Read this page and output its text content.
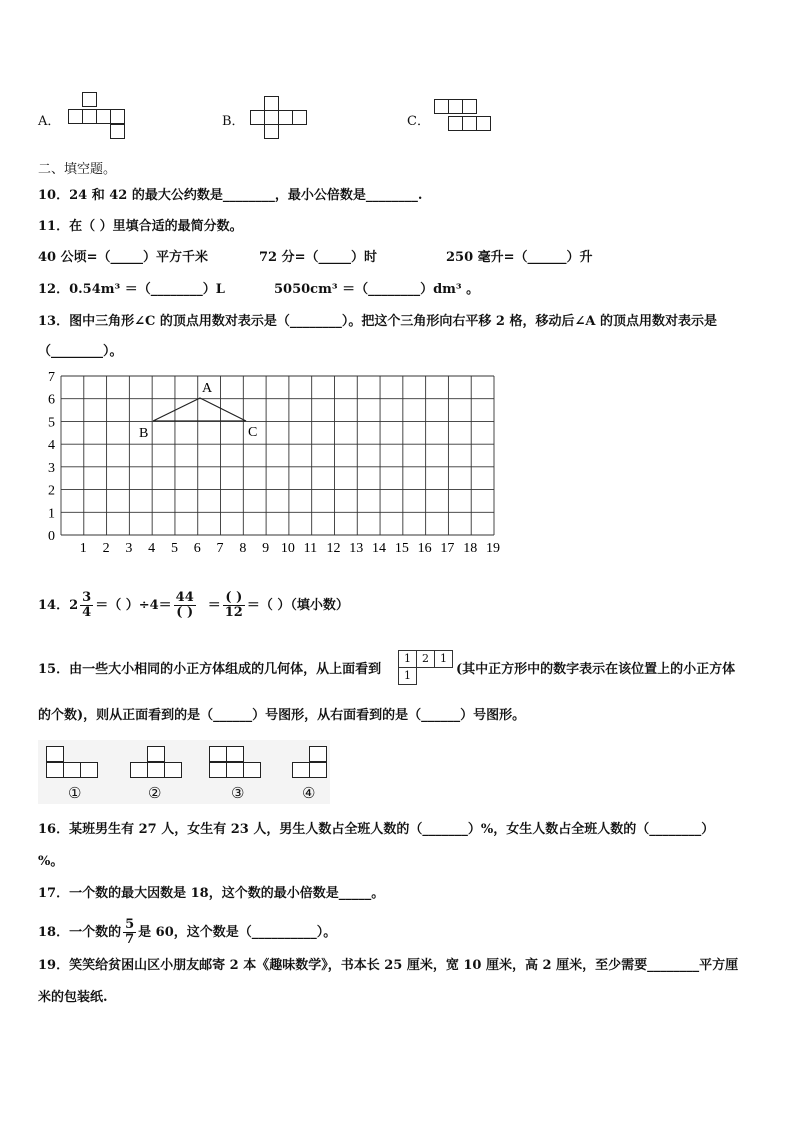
A．	B．	C．
二、填空题。
10．24 和 42 的最大公约数是________，最小公倍数是________.
11．在（ ）里填合适的最简分数。
40 公顷=（_____）平方千米	72 分=（_____）时	250 毫升=（______）升
12．0.54m³ ＝（________）L	5050cm³ ＝（________）dm³ 。
13．图中三角形∠C 的顶点用数对表示是（________）。把这个三角形向右平移 2 格，移动后∠A 的顶点用数对表示是
（________）。
A
B	C
0
1
2
3
4
5
6
7
1 2 3 4 5 6 7 8 9 10 11 12 13 14 15 16 17 18 19
14．$2 \frac{3}{4}$ ＝（ ）$\div 4= \frac{44}{( )} = \frac{( )}{12}$ ＝（ ）（填小数）
15．由一些大小相同的小正方体组成的几何体，从上面看到
1	2	1
1	(其中正方形中的数字表示在该位置上的小正方体
的个数)，则从正面看到的是（______）号图形，从右面看到的是（______）号图形。
①	②	③	④
16．某班男生有 27 人，女生有 23 人，男生人数占全班人数的（_______）%，女生人数占全班人数的（________）
%。
17．一个数的最大因数是 18，这个数的最小倍数是_____。
18．一个数的 $\frac{5}{7}$ 是 60，这个数是（__________）。
19．笑笑给贫困山区小朋友邮寄 2 本《趣味数学》，书本长 25 厘米，宽 10 厘米，高 2 厘米，至少需要________平方厘
米的包装纸.
